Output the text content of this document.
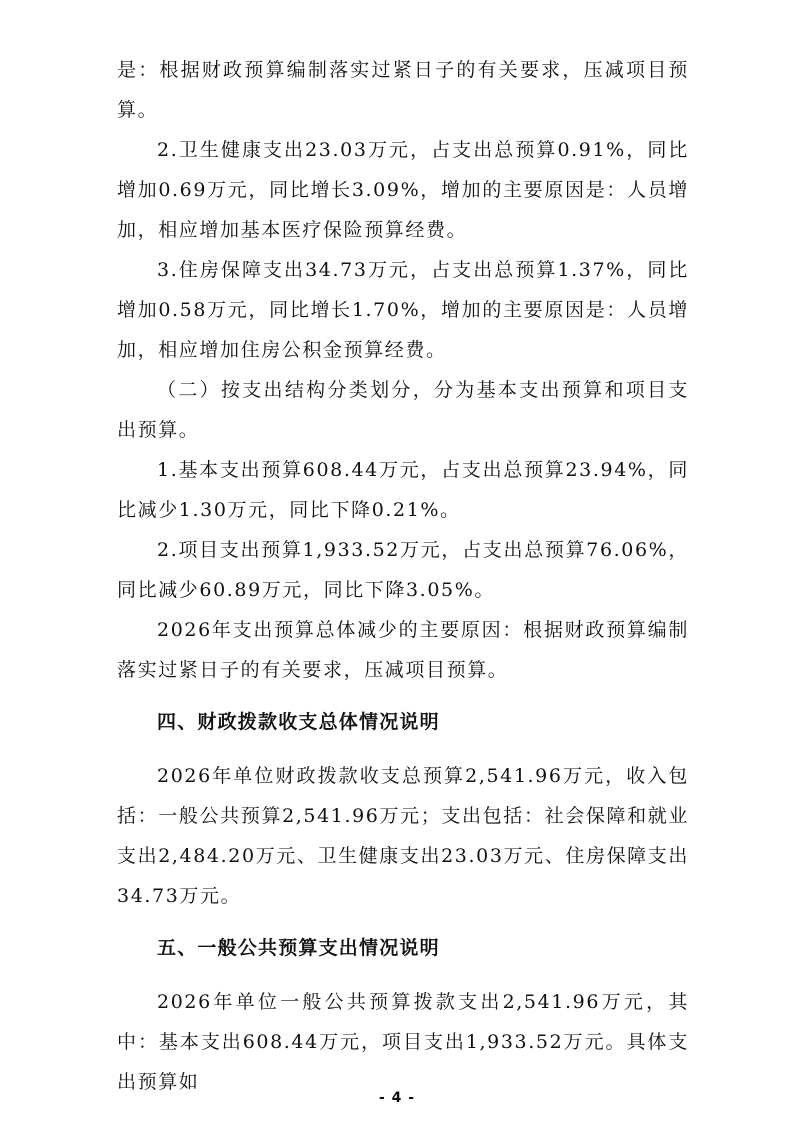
是：根据财政预算编制落实过紧日子的有关要求，压减项目预算。

2.卫生健康支出23.03万元，占支出总预算0.91%，同比增加0.69万元，同比增长3.09%，增加的主要原因是：人员增加，相应增加基本医疗保险预算经费。

3.住房保障支出34.73万元，占支出总预算1.37%，同比增加0.58万元，同比增长1.70%，增加的主要原因是：人员增加，相应增加住房公积金预算经费。

（二）按支出结构分类划分，分为基本支出预算和项目支出预算。

1.基本支出预算608.44万元，占支出总预算23.94%，同比减少1.30万元，同比下降0.21%。

2.项目支出预算1,933.52万元，占支出总预算76.06%，同比减少60.89万元，同比下降3.05%。

2026年支出预算总体减少的主要原因：根据财政预算编制落实过紧日子的有关要求，压减项目预算。

四、财政拨款收支总体情况说明

2026年单位财政拨款收支总预算2,541.96万元，收入包括：一般公共预算2,541.96万元；支出包括：社会保障和就业支出2,484.20万元、卫生健康支出23.03万元、住房保障支出34.73万元。

五、一般公共预算支出情况说明

2026年单位一般公共预算拨款支出2,541.96万元，其中：基本支出608.44万元，项目支出1,933.52万元。具体支出预算如

- 4 -
